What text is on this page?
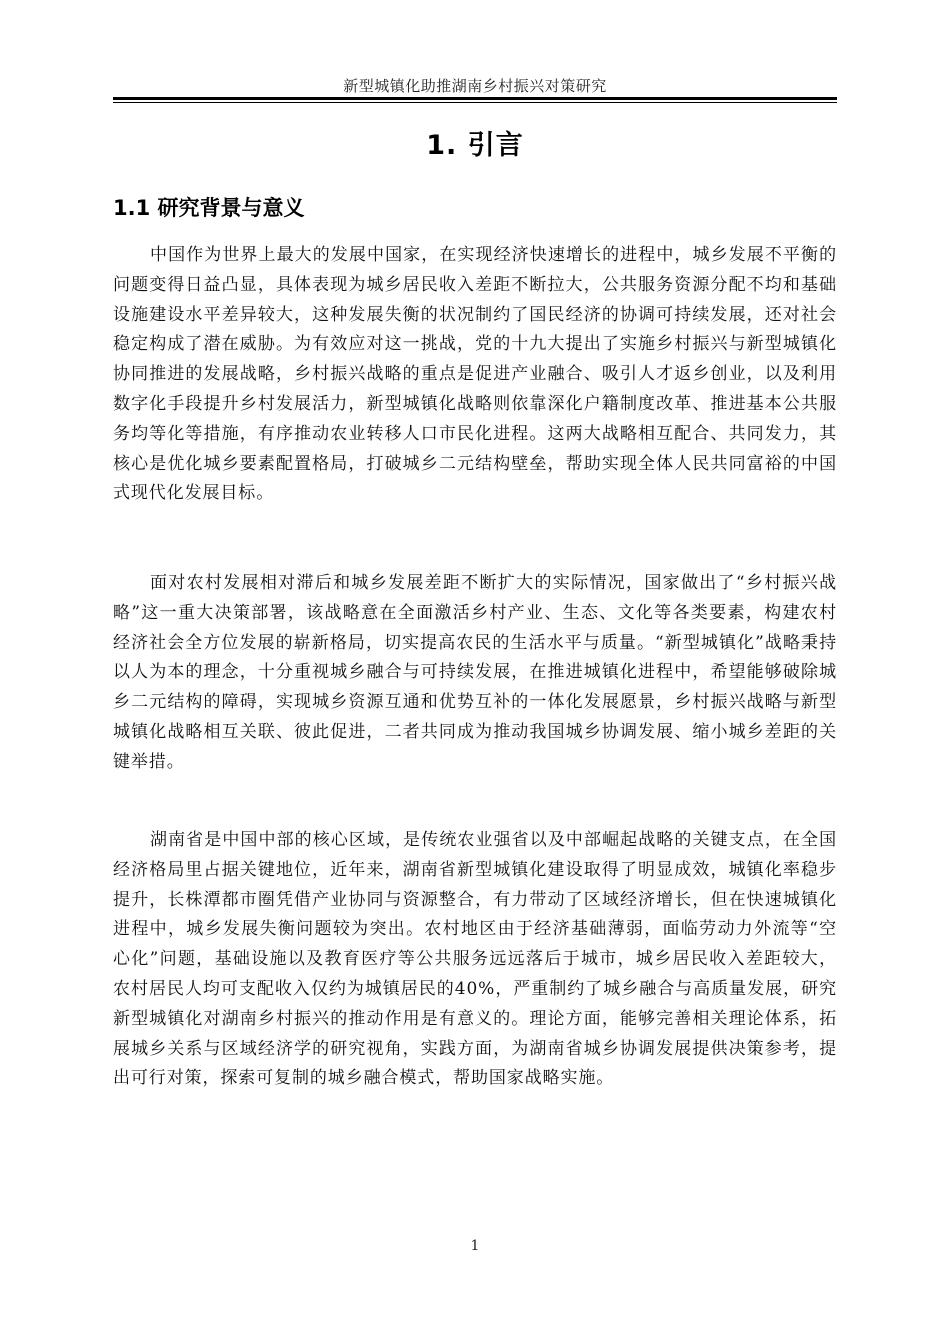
新型城镇化助推湖南乡村振兴对策研究
1. 引言
1.1 研究背景与意义

中国作为世界上最大的发展中国家，在实现经济快速增长的进程中，城乡发展不平衡的问题变得日益凸显，具体表现为城乡居民收入差距不断拉大，公共服务资源分配不均和基础设施建设水平差异较大，这种发展失衡的状况制约了国民经济的协调可持续发展，还对社会稳定构成了潜在威胁。为有效应对这一挑战，党的十九大提出了实施乡村振兴与新型城镇化协同推进的发展战略，乡村振兴战略的重点是促进产业融合、吸引人才返乡创业，以及利用数字化手段提升乡村发展活力，新型城镇化战略则依靠深化户籍制度改革、推进基本公共服务均等化等措施，有序推动农业转移人口市民化进程。这两大战略相互配合、共同发力，其核心是优化城乡要素配置格局，打破城乡二元结构壁垒，帮助实现全体人民共同富裕的中国式现代化发展目标。

面对农村发展相对滞后和城乡发展差距不断扩大的实际情况，国家做出了“乡村振兴战略”这一重大决策部署，该战略意在全面激活乡村产业、生态、文化等各类要素，构建农村经济社会全方位发展的崭新格局，切实提高农民的生活水平与质量。“新型城镇化”战略秉持以人为本的理念，十分重视城乡融合与可持续发展，在推进城镇化进程中，希望能够破除城乡二元结构的障碍，实现城乡资源互通和优势互补的一体化发展愿景，乡村振兴战略与新型城镇化战略相互关联、彼此促进，二者共同成为推动我国城乡协调发展、缩小城乡差距的关键举措。

湖南省是中国中部的核心区域，是传统农业强省以及中部崛起战略的关键支点，在全国经济格局里占据关键地位，近年来，湖南省新型城镇化建设取得了明显成效，城镇化率稳步提升，长株潭都市圈凭借产业协同与资源整合，有力带动了区域经济增长，但在快速城镇化进程中，城乡发展失衡问题较为突出。农村地区由于经济基础薄弱，面临劳动力外流等“空心化”问题，基础设施以及教育医疗等公共服务远远落后于城市，城乡居民收入差距较大，农村居民人均可支配收入仅约为城镇居民的40%，严重制约了城乡融合与高质量发展，研究新型城镇化对湖南乡村振兴的推动作用是有意义的。理论方面，能够完善相关理论体系，拓展城乡关系与区域经济学的研究视角，实践方面，为湖南省城乡协调发展提供决策参考，提出可行对策，探索可复制的城乡融合模式，帮助国家战略实施。

1
